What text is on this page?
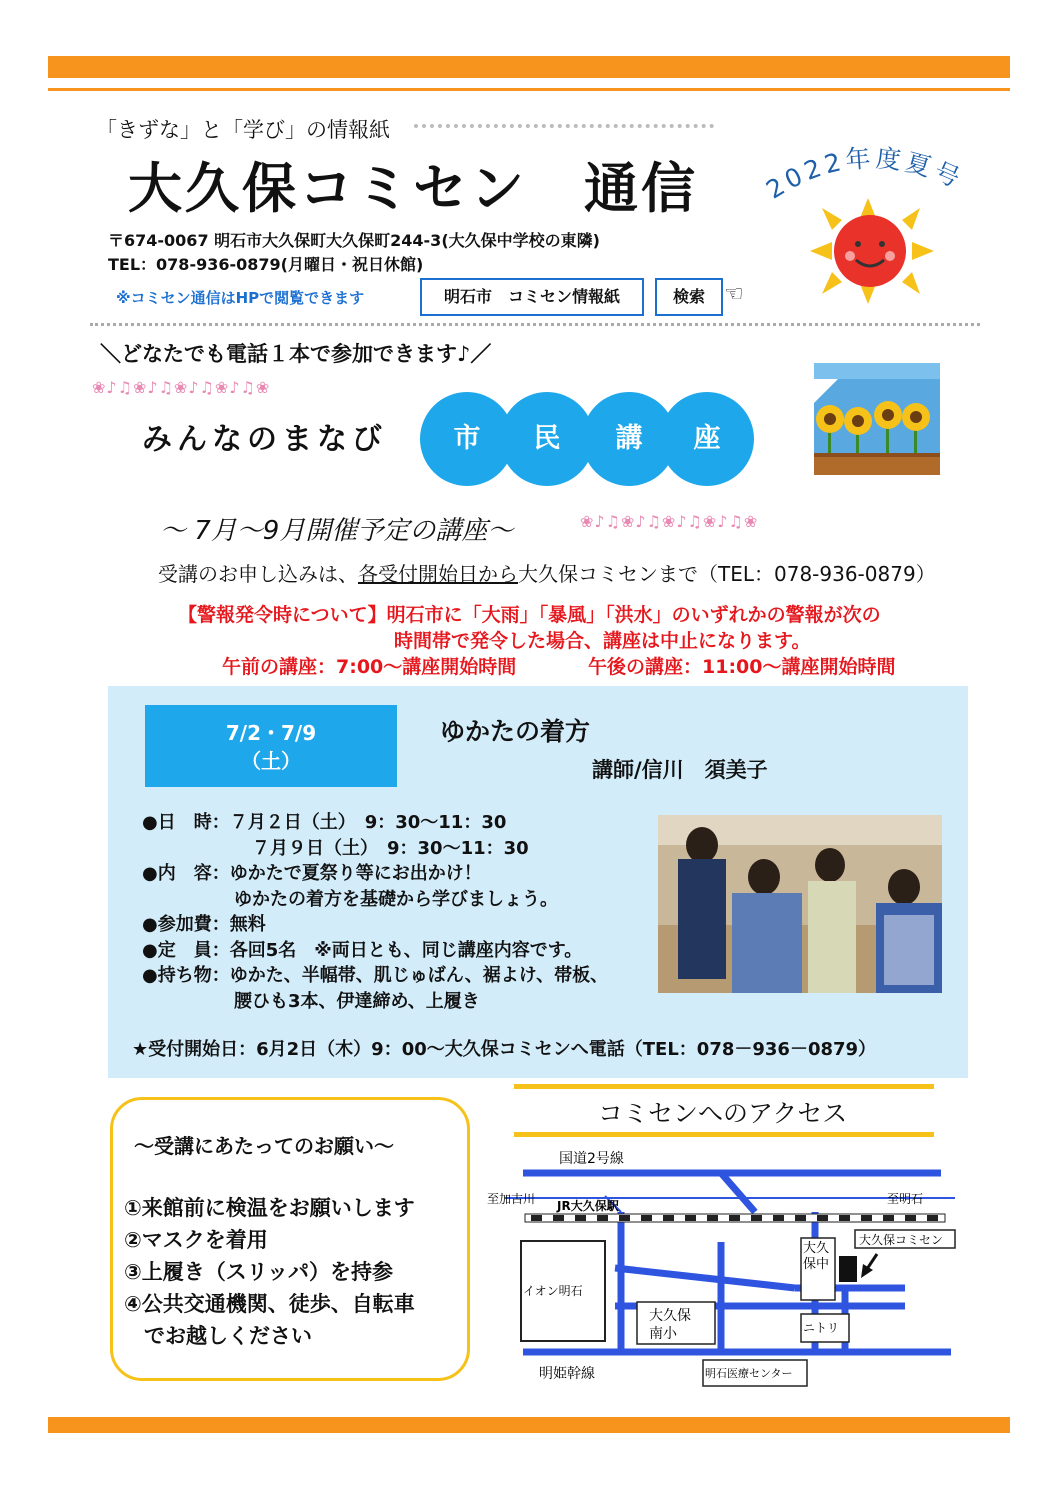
「きずな」と「学び」の情報紙
大久保コミセン　通信
〒674-0067 明石市大久保町大久保町244-3(大久保中学校の東隣)
TEL：078-936-0879(月曜日・祝日休館)
※コミセン通信はHPで閲覧できます	明石市　コミセン情報紙	検索 ☜
2022年度夏号
＼どなたでも電話１本で参加できます♪／
❀♪♫❀♪♫❀♪♫❀♪♫❀
みんなのまなび	市	民	講	座
～ 7月～9月開催予定の講座～	❀♪♫❀♪♫❀♪♫❀♪♫❀
受講のお申し込みは、各受付開始日から大久保コミセンまで（TEL：078-936-0879）
【警報発令時について】明石市に「大雨」「暴風」「洪水」のいずれかの警報が次の
時間帯で発令した場合、講座は中止になります。
午前の講座：7:00～講座開始時間	午後の講座：11:00～講座開始時間
7/2・7/9
（土）
ゆかたの着方
講師/信川　須美子
●日　時：７月２日（土）　9：30～11：30
７月９日（土）　9：30～11：30
●内　容：ゆかたで夏祭り等にお出かけ！
ゆかたの着方を基礎から学びましょう。
●参加費：無料
●定　員：各回5名　※両日とも、同じ講座内容です。
●持ち物：ゆかた、半幅帯、肌じゅばん、裾よけ、帯板、
腰ひも3本、伊達締め、上履き
★受付開始日：6月2日（木）9：00～大久保コミセンへ電話（TEL：078－936－0879）
～受講にあたってのお願い～
①来館前に検温をお願いします
②マスクを着用
③上履き（スリッパ）を持参
④公共交通機関、徒歩、自転車
でお越しください
コミセンへのアクセス
国道2号線
至加古川	至明石
JR大久保駅
イオン明石
大久
保中
大久保コミセン
大久保
南小	ニトリ
明姫幹線	明石医療センター
